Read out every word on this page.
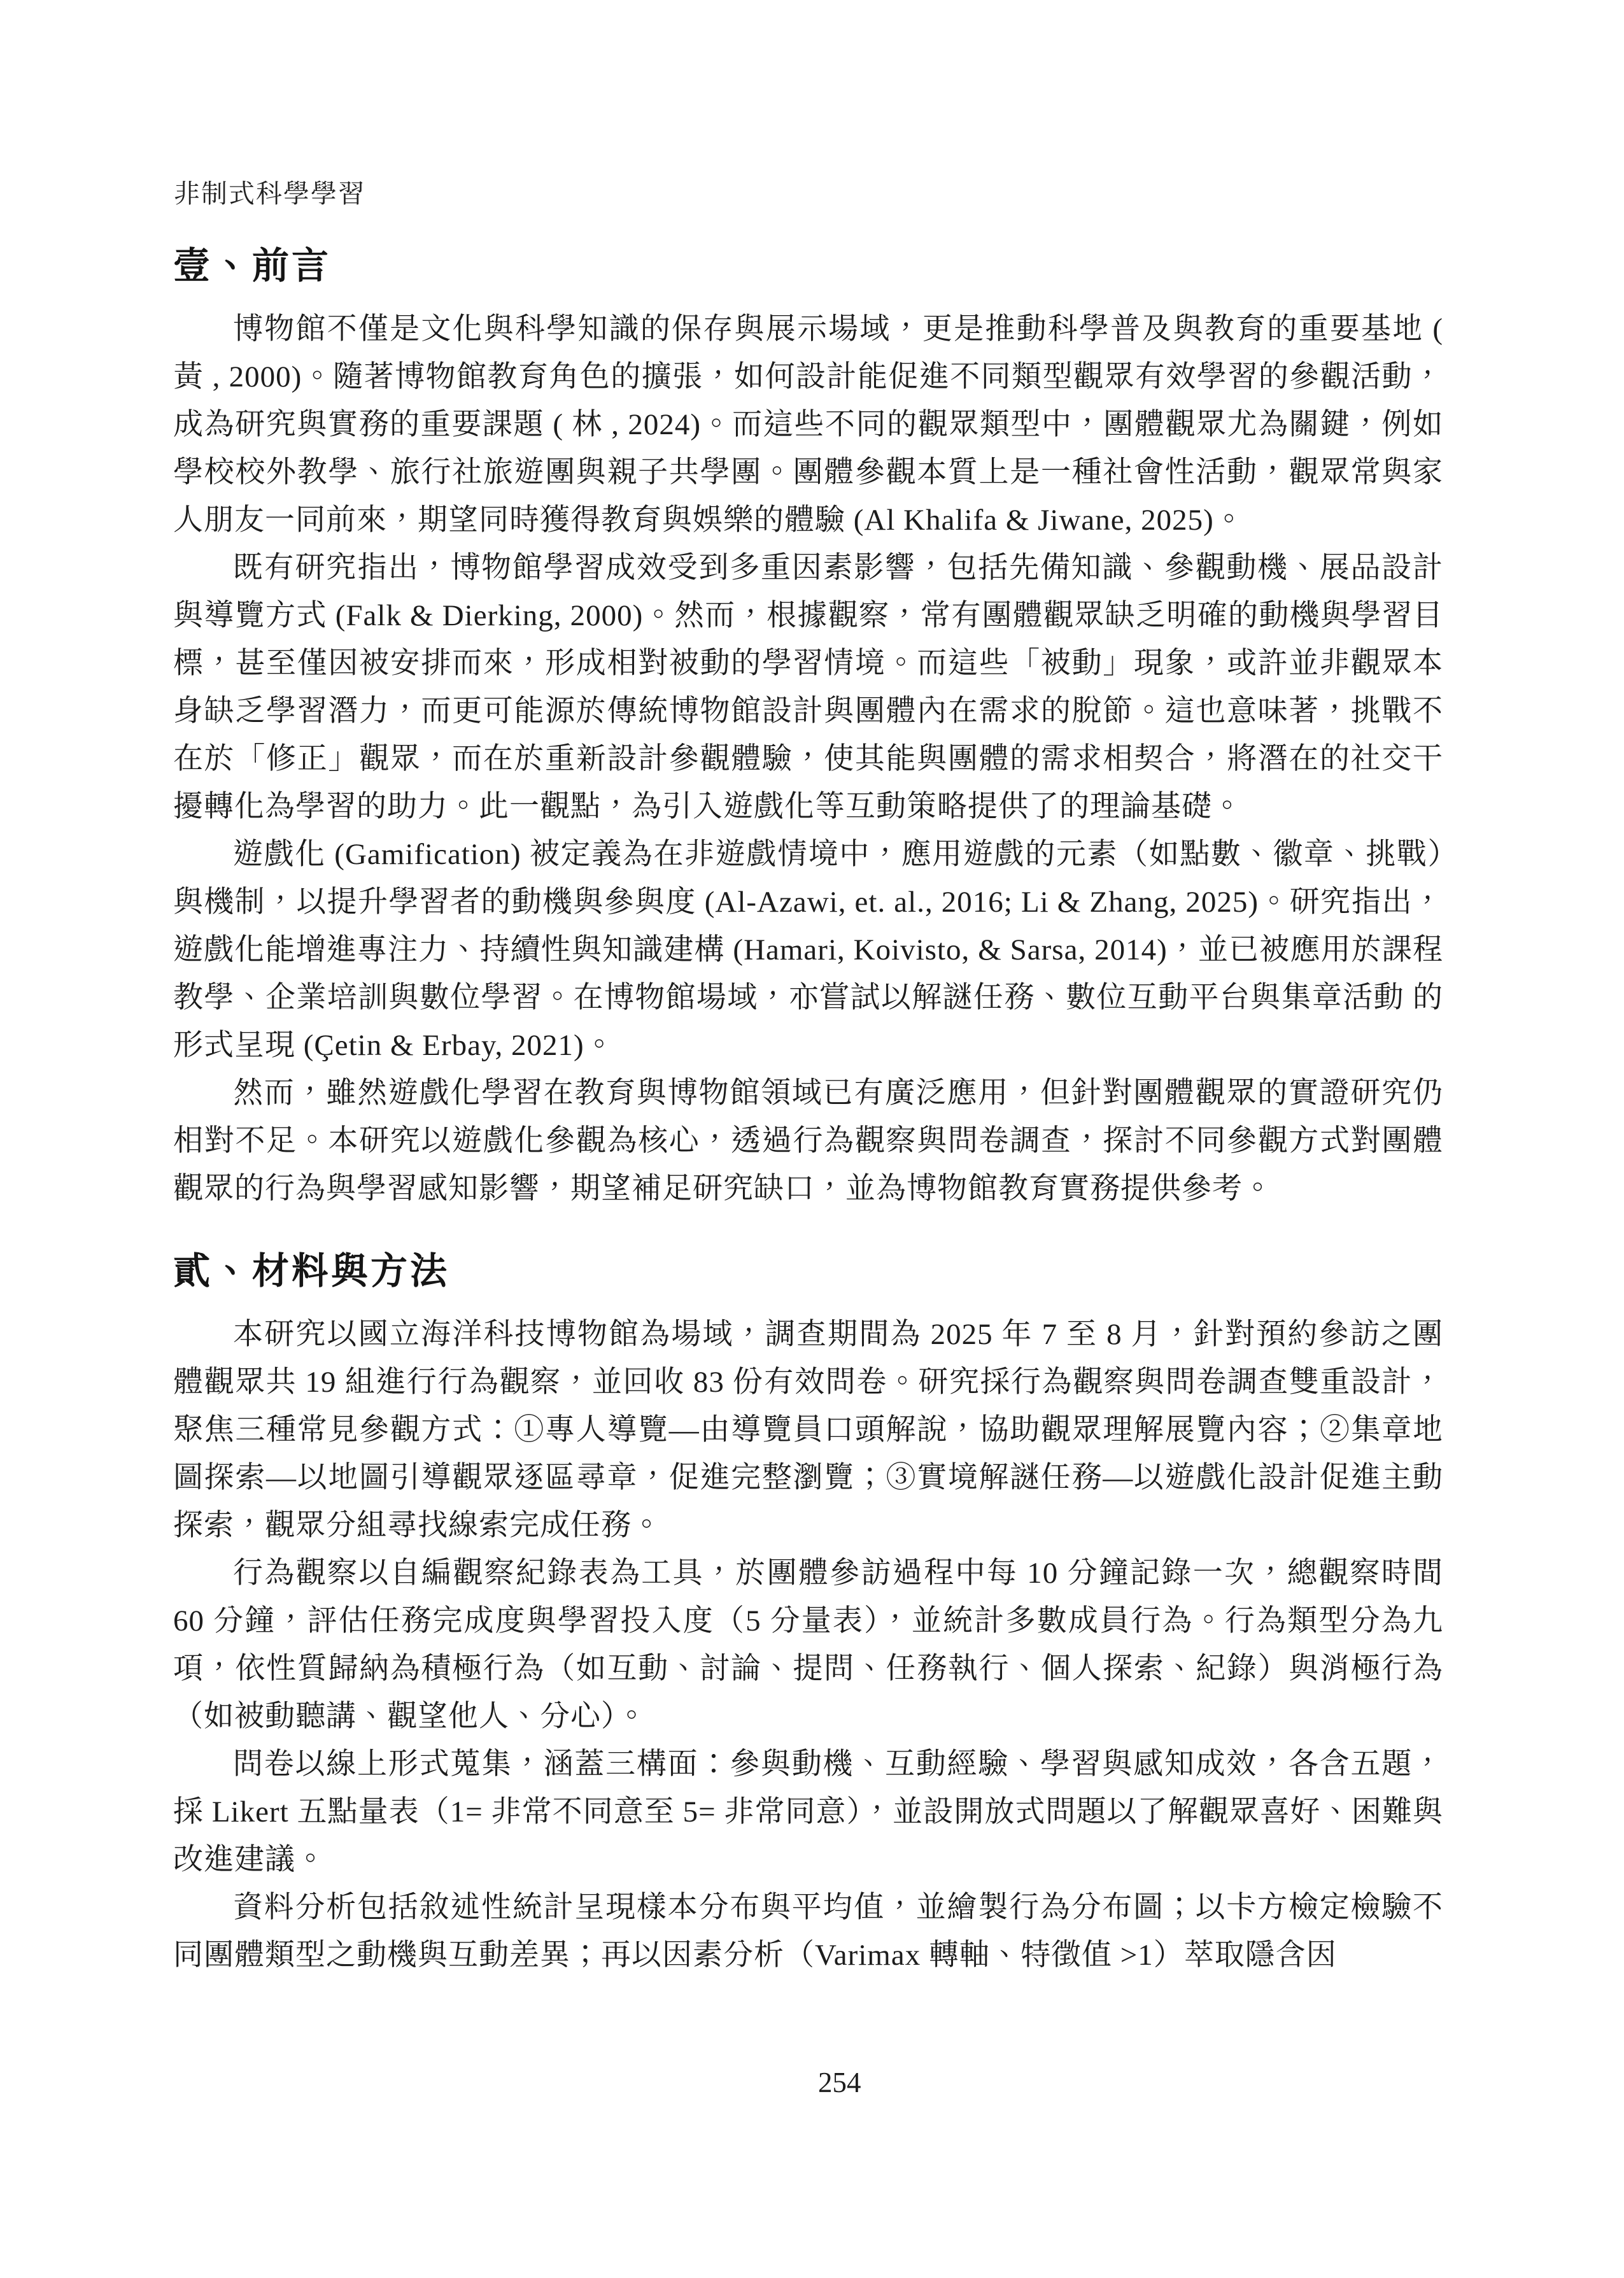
非制式科學學習
壹、前言

博物館不僅是文化與科學知識的保存與展示場域，更是推動科學普及與教育的重要基地 ( 黃 , 2000)。隨著博物館教育角色的擴張，如何設計能促進不同類型觀眾有效學習的參觀活動，成為研究與實務的重要課題 ( 林 , 2024)。而這些不同的觀眾類型中，團體觀眾尤為關鍵，例如學校校外教學、旅行社旅遊團與親子共學團。團體參觀本質上是一種社會性活動，觀眾常與家人朋友一同前來，期望同時獲得教育與娛樂的體驗 (Al Khalifa & Jiwane, 2025)。

既有研究指出，博物館學習成效受到多重因素影響，包括先備知識、參觀動機、展品設計與導覽方式 (Falk & Dierking, 2000)。然而，根據觀察，常有團體觀眾缺乏明確的動機與學習目標，甚至僅因被安排而來，形成相對被動的學習情境。而這些「被動」現象，或許並非觀眾本身缺乏學習潛力，而更可能源於傳統博物館設計與團體內在需求的脫節。這也意味著，挑戰不在於「修正」觀眾，而在於重新設計參觀體驗，使其能與團體的需求相契合，將潛在的社交干擾轉化為學習的助力。此一觀點，為引入遊戲化等互動策略提供了的理論基礎。

遊戲化 (Gamification) 被定義為在非遊戲情境中，應用遊戲的元素（如點數、徽章、挑戰）與機制，以提升學習者的動機與參與度 (Al-Azawi, et. al., 2016; Li & Zhang, 2025)。研究指出，遊戲化能增進專注力、持續性與知識建構 (Hamari, Koivisto, & Sarsa, 2014)，並已被應用於課程教學、企業培訓與數位學習。在博物館場域，亦嘗試以解謎任務、數位互動平台與集章活動 的形式呈現 (Çetin & Erbay, 2021)。

然而，雖然遊戲化學習在教育與博物館領域已有廣泛應用，但針對團體觀眾的實證研究仍相對不足。本研究以遊戲化參觀為核心，透過行為觀察與問卷調查，探討不同參觀方式對團體觀眾的行為與學習感知影響，期望補足研究缺口，並為博物館教育實務提供參考。

貳、材料與方法

本研究以國立海洋科技博物館為場域，調查期間為 2025 年 7 至 8 月，針對預約參訪之團體觀眾共 19 組進行行為觀察，並回收 83 份有效問卷。研究採行為觀察與問卷調查雙重設計，聚焦三種常見參觀方式：①專人導覽—由導覽員口頭解說，協助觀眾理解展覽內容；②集章地圖探索—以地圖引導觀眾逐區尋章，促進完整瀏覽；③實境解謎任務—以遊戲化設計促進主動探索，觀眾分組尋找線索完成任務。

行為觀察以自編觀察紀錄表為工具，於團體參訪過程中每 10 分鐘記錄一次，總觀察時間 60 分鐘，評估任務完成度與學習投入度（5 分量表），並統計多數成員行為。行為類型分為九項，依性質歸納為積極行為（如互動、討論、提問、任務執行、個人探索、紀錄）與消極行為（如被動聽講、觀望他人、分心）。

問卷以線上形式蒐集，涵蓋三構面：參與動機、互動經驗、學習與感知成效，各含五題，採 Likert 五點量表（1= 非常不同意至 5= 非常同意），並設開放式問題以了解觀眾喜好、困難與改進建議。

資料分析包括敘述性統計呈現樣本分布與平均值，並繪製行為分布圖；以卡方檢定檢驗不同團體類型之動機與互動差異；再以因素分析（Varimax 轉軸、特徵值 >1）萃取隱含因

254
